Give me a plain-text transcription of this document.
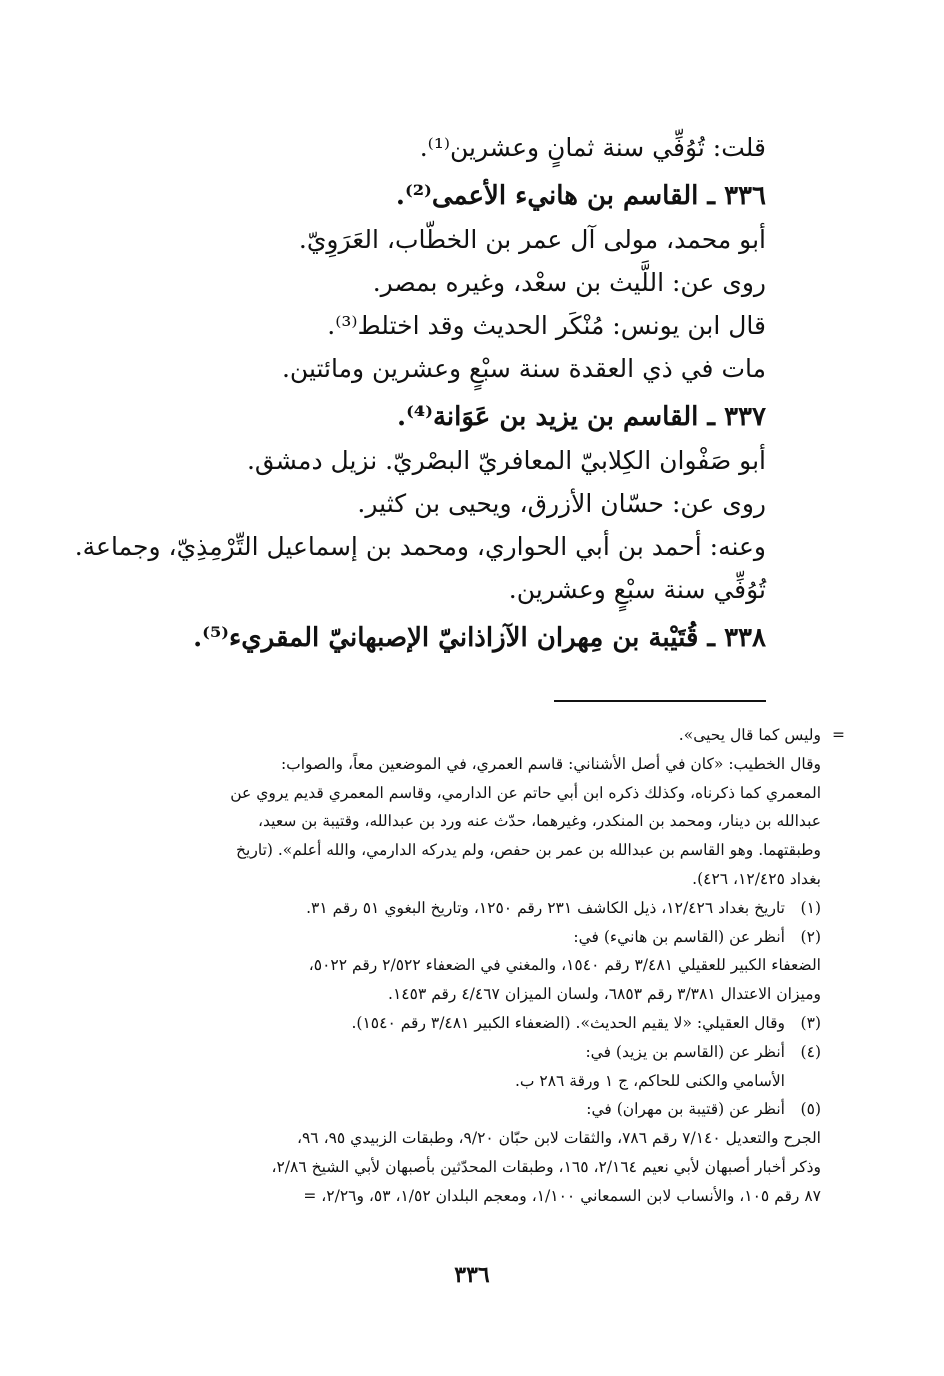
قلت: تُوُفِّي سنة ثمانٍ وعشرين⁽¹⁾.
٣٣٦ ـ القاسم بن هانيء الأعمى⁽²⁾.
أبو محمد، مولى آل عمر بن الخطّاب، العَرَوِيّ.
روى عن: اللَّيث بن سعْد، وغيره بمصر.
قال ابن يونس: مُنْكَر الحديث وقد اختلط⁽³⁾.
مات في ذي العقدة سنة سبْعٍ وعشرين ومائتين.
٣٣٧ ـ القاسم بن يزيد بن عَوَانة⁽⁴⁾.
أبو صَفْوان الكِلابيّ المعافريّ البصْريّ. نزيل دمشق.
روى عن: حسّان الأزرق، ويحيى بن كثير.
وعنه: أحمد بن أبي الحواري، ومحمد بن إسماعيل التِّرْمِذِيّ، وجماعة.
تُوُفِّي سنة سبْعٍ وعشرين.
٣٣٨ ـ قُتَيْبة بن مِهران الآزاذانيّ الإصبهانيّ المقريء⁽⁵⁾.
=
وليس كما قال يحيى».
وقال الخطيب: «كان في أصل الأشناني: قاسم العمري، في الموضعين معاً، والصواب:
المعمري كما ذكرناه، وكذلك ذكره ابن أبي حاتم عن الدارمي، وقاسم المعمري قديم يروي عن
عبدالله بن دينار، ومحمد بن المنكدر، وغيرهما، حدّث عنه ورد بن عبدالله، وقتيبة بن سعيد،
وطبقتهما. وهو القاسم بن عبدالله بن عمر بن حفص، ولم يدركه الدارمي، والله أعلم». (تاريخ
بغداد ١٢/٤٢٥، ٤٢٦).
(١)
تاريخ بغداد ١٢/٤٢٦، ذيل الكاشف ٢٣١ رقم ١٢٥٠، وتاريخ البغوي ٥١ رقم ٣١.
(٢)
أنظر عن (القاسم بن هانيء) في:
الضعفاء الكبير للعقيلي ٣/٤٨١ رقم ١٥٤٠، والمغني في الضعفاء ٢/٥٢٢ رقم ٥٠٢٢،
وميزان الاعتدال ٣/٣٨١ رقم ٦٨٥٣، ولسان الميزان ٤/٤٦٧ رقم ١٤٥٣.
(٣)
وقال العقيلي: «لا يقيم الحديث». (الضعفاء الكبير ٣/٤٨١ رقم ١٥٤٠).
(٤)
أنظر عن (القاسم بن يزيد) في:
الأسامي والكنى للحاكم، ج ١ ورقة ٢٨٦ ب.
(٥)
أنظر عن (قتيبة بن مهران) في:
الجرح والتعديل ٧/١٤٠ رقم ٧٨٦، والثقات لابن حبّان ٩/٢٠، وطبقات الزبيدي ٩٥، ٩٦،
وذكر أخبار أصبهان لأبي نعيم ٢/١٦٤، ١٦٥، وطبقات المحدّثين بأصبهان لأبي الشيخ ٢/٨٦،
٨٧ رقم ١٠٥، والأنساب لابن السمعاني ١/١٠٠، ومعجم البلدان ١/٥٢، ٥٣، و٢/٢٦، =
٣٣٦
